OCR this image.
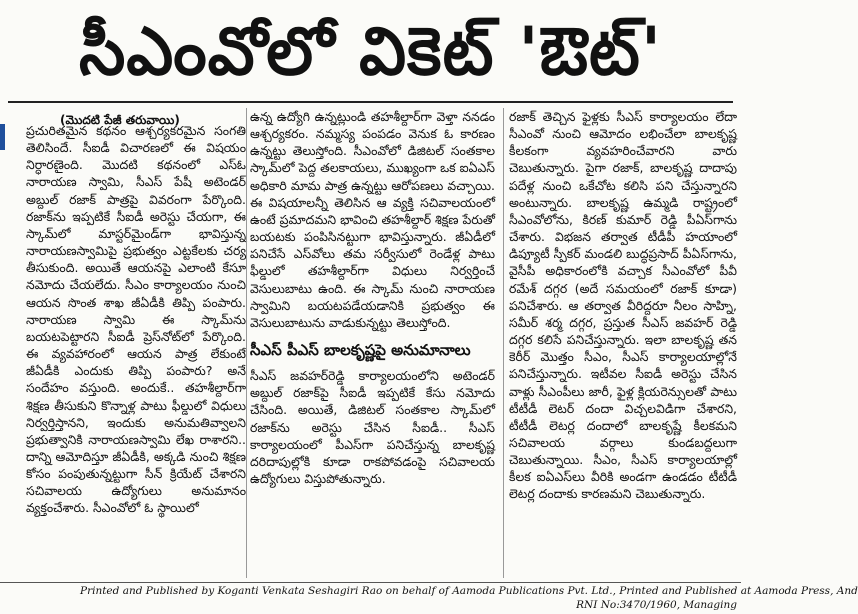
సీఎంవోలో వికెట్ 'ఔట్'
(మొదటి పేజీ తరువాయి)

ప్రచురితమైన కథనం ఆశ్చర్యకరమైన సంగతి తెలిసిందే. సీఐడీ విచారణలో ఈ విషయం నిర్ధారణైంది. మొదటి కథనంలో ఎస్ఓ నారాయణ స్వామి, సీఎస్ పేషీ అటెండర్ అబ్దుల్ రజాక్ పాత్రపై వివరంగా పేర్కొంది. రజాక్‌ను ఇప్పటికే సీఐడీ అరెస్టు చేయగా, ఈ స్కామ్‌లో మాస్టర్‌మైండ్‌గా భావిస్తున్న నారాయణస్వామిపై ప్రభుత్వం ఎట్టకేలకు చర్య తీసుకుంది. అయితే ఆయనపై ఎలాంటి కేసూ నమోదు చేయలేదు. సీఎం కార్యాలయం నుంచి ఆయన సొంత శాఖ జీఏడీకి తిప్పి పంపారు. నారాయణ స్వామి ఈ స్కామ్‌ను బయటపెట్టారని సీఐడీ ప్రెస్‌నోట్‌లో పేర్కొంది. ఈ వ్యవహారంలో ఆయన పాత్ర లేకుంటే జీఏడీకి ఎందుకు తిప్పి పంపారు? అనే సందేహం వస్తుంది. అందుకే.. తహశీల్దార్‌గా శిక్షణ తీసుకుని కొన్నాళ్ల పాటు ఫీల్డులో విధులు నిర్వర్తిస్తానని, ఇందుకు అనుమతివ్వాలని ప్రభుత్వానికి నారాయణస్వామి లేఖ రాశారని.. దాన్ని ఆమోదిస్తూ జీఏడీకి, అక్కడి నుంచి శిక్షణ కోసం పంపుతున్నట్టుగా సీన్ క్రియేట్ చేశారని సచివాలయ ఉద్యోగులు అనుమానం వ్యక్తంచేశారు. సీఎంవోలో ఓ స్థాయిలో

ఉన్న ఉద్యోగి ఉన్నట్లుండి తహశీల్దార్‌గా వెళ్తా ననడం ఆశ్చర్యకరం. నమ్మస్య పంపడం వెనుక ఓ కారణం ఉన్నట్టు తెలుస్తోంది. సీఎంవోలో డిజిటల్ సంతకాల స్కామ్‌లో పెద్ద తలకాయలు, ముఖ్యంగా ఒక ఐఏఎస్ అధికారి మామ పాత్ర ఉన్నట్టు ఆరోపణలు వచ్చాయి. ఈ విషయాలన్నీ తెలిసిన ఆ వ్యక్తి సచివాలయంలో ఉంటే ప్రమాదమని భావించి తహశీల్దార్ శిక్షణ పేరుతో బయటకు పంపిసినట్టుగా భావిస్తున్నారు. జీఏడీలో పనిచేసే ఎస్‌వోలు తమ సర్వీసులో రెండేళ్ల పాటు ఫీల్డులో తహశీల్దార్‌గా విధులు నిర్వర్తించే వెసులుబాటు ఉంది. ఈ స్కామ్ నుంచి నారాయణ స్వామిని బయటపడేయడానికి ప్రభుత్వం ఈ వెసులుబాటును వాడుకున్నట్టు తెలుస్తోంది.

సీఎస్ పీఎస్ బాలకృష్ణపై అనుమానాలు

సీఎస్ జవహర్‌రెడ్డి కార్యాలయంలోని అటెండర్ అబ్దుల్ రజాక్‌పై సీఐడీ ఇప్పటికే కేసు నమోదు చేసింది. అయితే, డిజిటల్ సంతకాల స్కామ్‌లో రజాక్‌ను అరెస్టు చేసిన సీఐడీ.. సీఎస్ కార్యాలయంలో పీఎస్‌గా పనిచేస్తున్న బాలకృష్ణ దరిదాపుల్లోకి కూడా రాకపోవడంపై సచివాలయ ఉద్యోగులు విస్తుపోతున్నారు.

రజాక్ తెచ్చిన ఫైళ్లకు సీఎస్ కార్యాలయం లేదా సీఎంవో నుంచి ఆమోదం లభించేలా బాలకృష్ణ కీలకంగా వ్యవహరించేవారని వారు చెబుతున్నారు. పైగా రజాక్, బాలకృష్ణ దాదాపు పదేళ్ల నుంచి ఒకేచోట కలిసి పని చేస్తున్నారని అంటున్నారు. బాలకృష్ణ ఉమ్మడి రాష్ట్రంలో సీఎంవోలోను, కిరణ్ కుమార్ రెడ్డి పీఏస్‌గాను చేశారు. విభజన తర్వాత టీడీపీ హయాంలో డిప్యూటీ స్పీకర్ మండలి బుద్ధప్రసాద్ పీఏస్‌గాను, వైసీపీ అధికారంలోకి వచ్చాక సీఎంవోలో పీవీ రమేశ్ దగ్గర (అదే సమయంలో రజాక్ కూడా) పనిచేశారు. ఆ తర్వాత వీరిద్దరూ నీలం సాహ్ని, సమీర్ శర్మ దగ్గర, ప్రస్తుత సీఎస్ జవహర్ రెడ్డి దగ్గర కలిసే పనిచేస్తున్నారు. ఇలా బాలకృష్ణ తన కెరీర్ మొత్తం సీఎం, సీఎస్ కార్యాలయాల్లోనే పనిచేస్తున్నారు. ఇటీవల సీఐడీ అరెస్టు చేసిన వాళ్లు సీఎంపీలు జారీ, ఫైళ్ల క్లియరెన్సులతో పాటు టీటీడీ లెటర్ దందా విచ్చలవిడిగా చేశారని, టీటీడీ లెటర్ల దందాలో బాలకృష్ణే కీలకమని సచివాలయ వర్గాలు కుండబద్దలుగా చెబుతున్నాయి. సీఎం, సీఎస్ కార్యాలయాల్లో కీలక ఐఏఎస్‌లు వీరికి అండగా ఉండడం టీటీడీ లెటర్ల దందాకు కారణమని చెబుతున్నారు.

Printed and Published by Koganti Venkata Seshagiri Rao on behalf of Aamoda Publications Pvt. Ltd., Printed and Published at Aamoda Press, And
RNI No:3470/1960, Managing
